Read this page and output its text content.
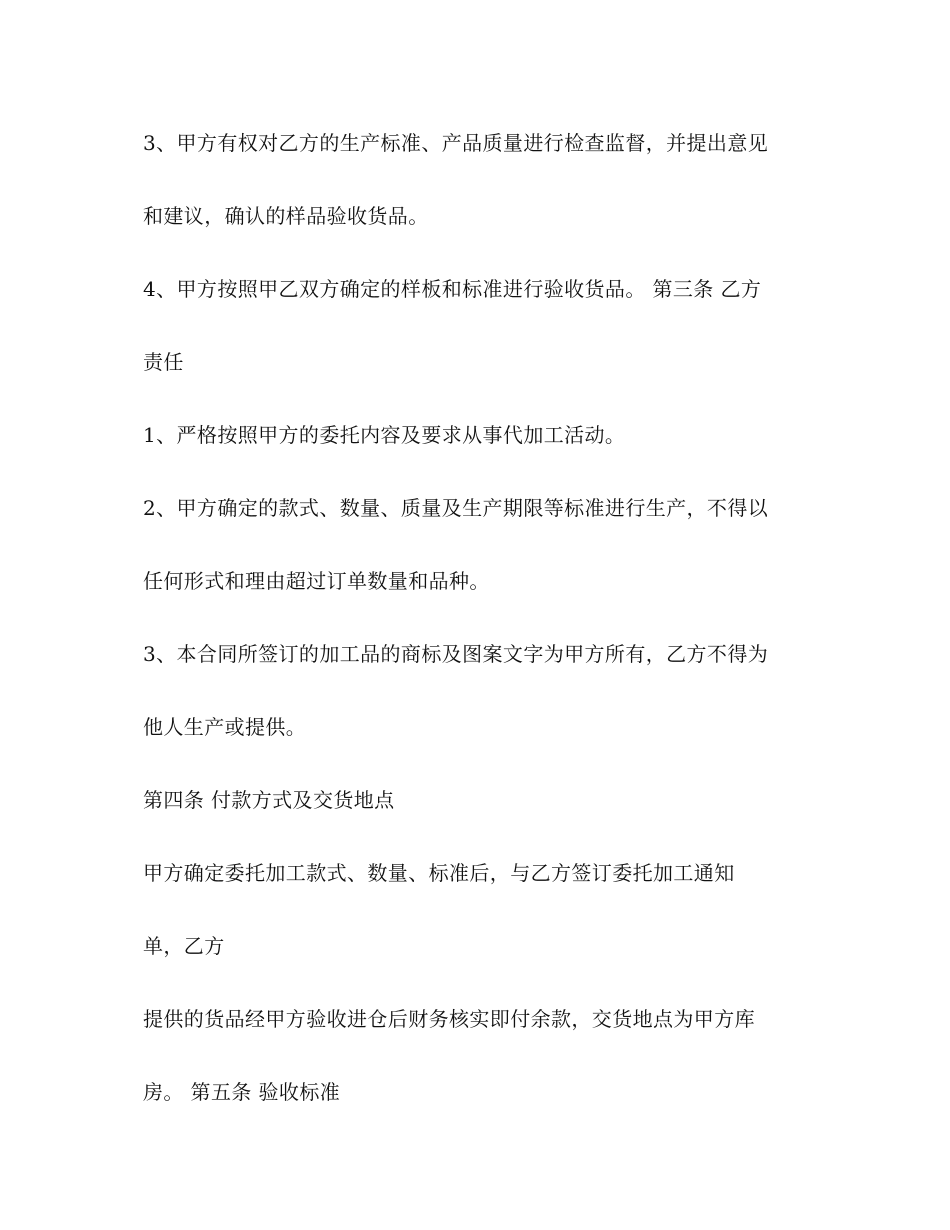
3、甲方有权对乙方的生产标准、产品质量进行检查监督，并提出意见
和建议，确认的样品验收货品。
4、甲方按照甲乙双方确定的样板和标准进行验收货品。 第三条 乙方
责任
1、严格按照甲方的委托内容及要求从事代加工活动。
2、甲方确定的款式、数量、质量及生产期限等标准进行生产，不得以
任何形式和理由超过订单数量和品种。
3、本合同所签订的加工品的商标及图案文字为甲方所有，乙方不得为
他人生产或提供。
第四条 付款方式及交货地点
甲方确定委托加工款式、数量、标准后，与乙方签订委托加工通知
单，乙方
提供的货品经甲方验收进仓后财务核实即付余款，交货地点为甲方库
房。 第五条 验收标准
